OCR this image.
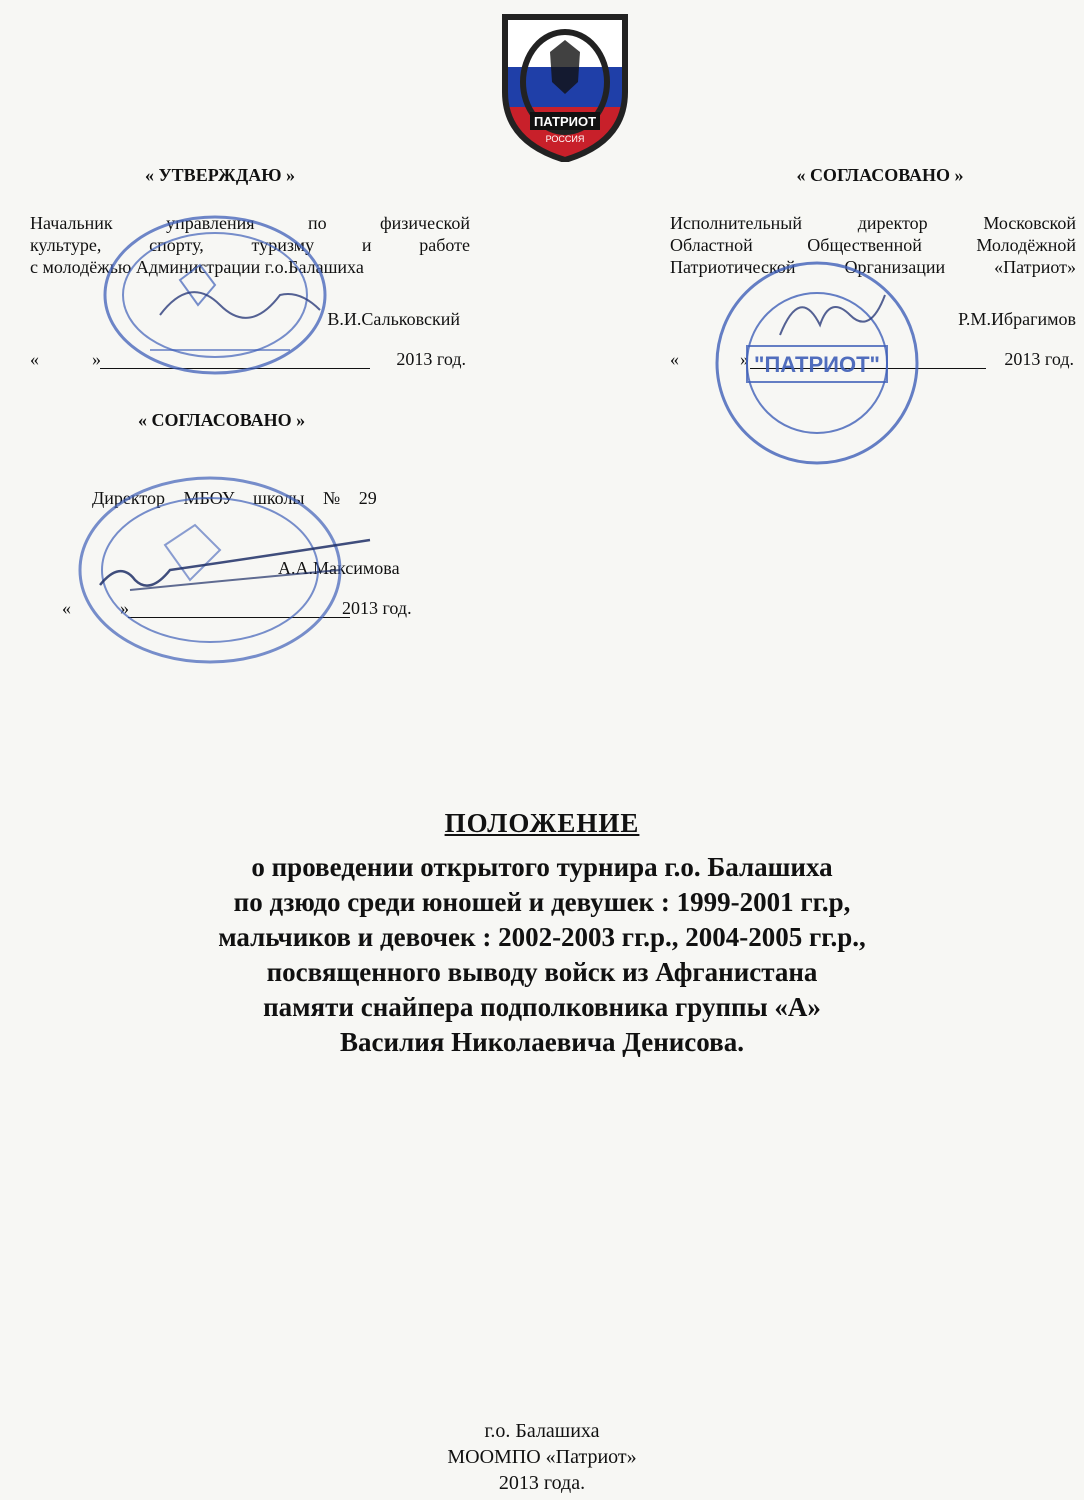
ПАТРИОТ
РОССИЯ
« УТВЕРЖДАЮ »
Начальник управления по физической
культуре, спорту, туризму и работе
с молодёжью Администрации г.о.Балашиха
В.И.Сальковский
«	»	2013 год.
« СОГЛАСОВАНО »
Исполнительный директор Московской
Областной Общественной Молодёжной
Патриотической Организации «Патриот»
Р.М.Ибрагимов
«	»	2013 год.
« СОГЛАСОВАНО »
Директор МБОУ школы № 29
А.А.Максимова
«	»	2013 год.
"ПАТРИОТ"
ПОЛОЖЕНИЕ
о проведении открытого турнира г.о. Балашиха
по дзюдо среди юношей и девушек : 1999-2001 гг.р,
мальчиков и девочек : 2002-2003 гг.р., 2004-2005 гг.р.,
посвященного выводу войск из Афганистана
памяти снайпера подполковника группы «А»
Василия Николаевича Денисова.
г.о. Балашиха
МООМПО «Патриот»
2013 года.
